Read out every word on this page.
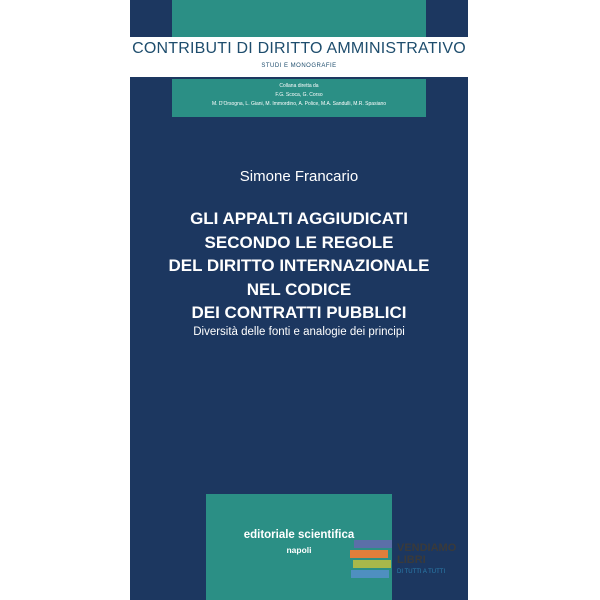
CONTRIBUTI DI DIRITTO AMMINISTRATIVO
STUDI E MONOGRAFIE
Collana diretta da
F.G. Scoca, G. Corso
M. D'Orsogna, L. Giani, M. Immordino, A. Police, M.A. Sandulli, M.R. Spasiano
Simone Francario
GLI APPALTI AGGIUDICATI
SECONDO LE REGOLE
DEL DIRITTO INTERNAZIONALE
NEL CODICE
DEI CONTRATTI PUBBLICI
Diversità delle fonti e analogie dei principi
editoriale scientifica
napoli	VENDIAMO
LIBRI
DI TUTTI A TUTTI
